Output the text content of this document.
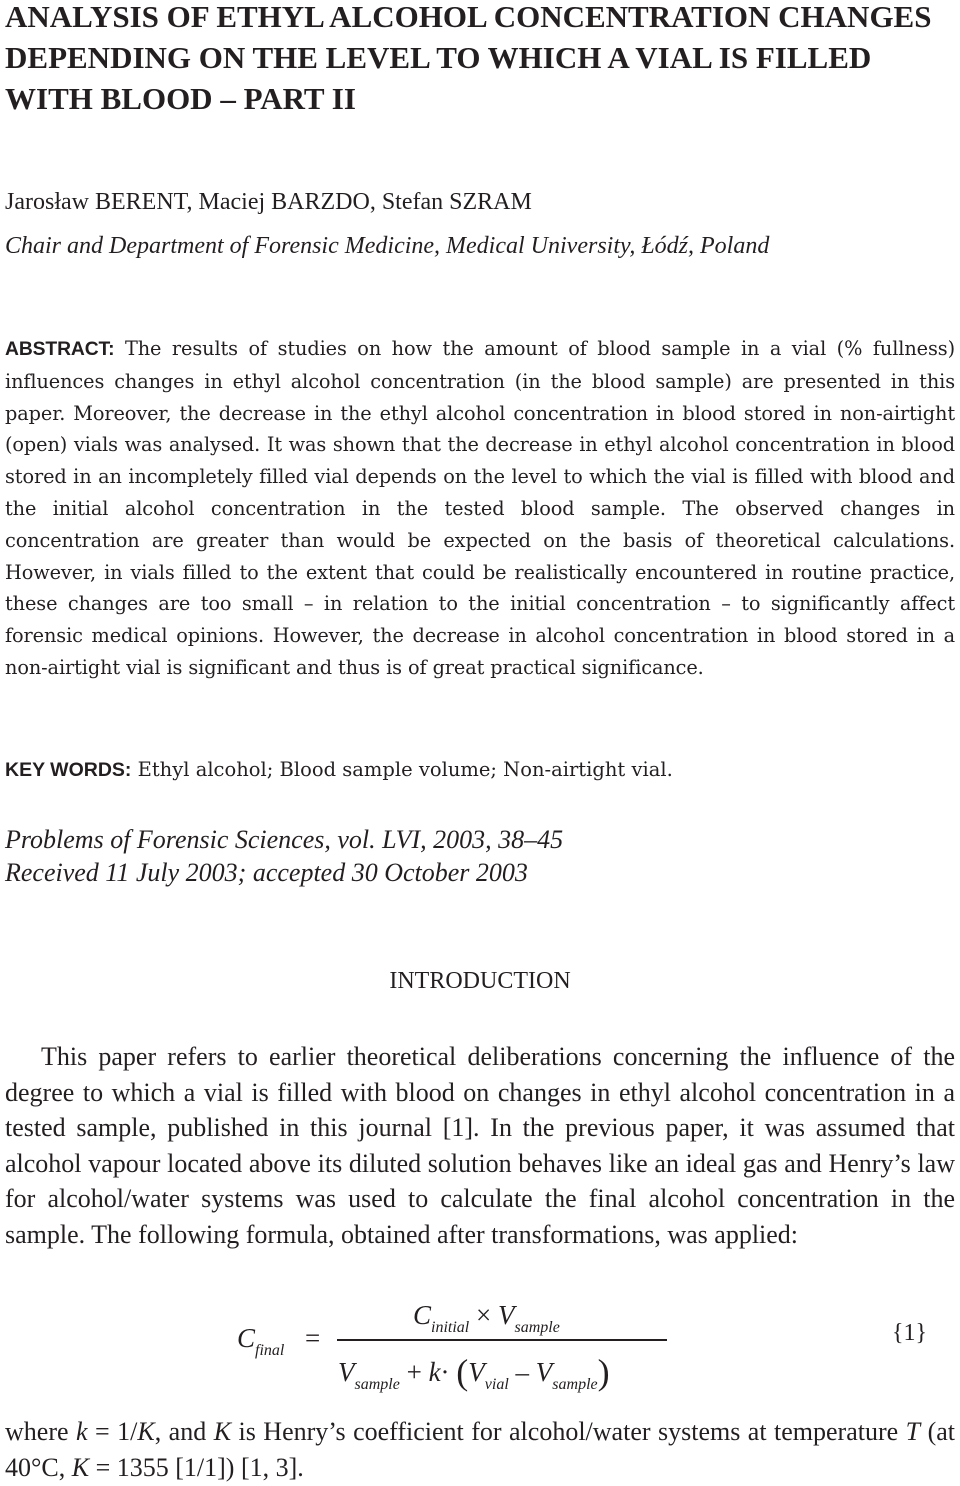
ANALYSIS OF ETHYL ALCOHOL CONCENTRATION CHANGES DEPENDING ON THE LEVEL TO WHICH A VIAL IS FILLED WITH BLOOD – PART II
Jarosław BERENT, Maciej BARZDO, Stefan SZRAM
Chair and Department of Forensic Medicine, Medical University, Łódź, Poland

ABSTRACT: The results of studies on how the amount of blood sample in a vial (% fullness) influences changes in ethyl alcohol concentration (in the blood sample) are presented in this paper. Moreover, the decrease in the ethyl alcohol concentration in blood stored in non-airtight (open) vials was analysed. It was shown that the decrease in ethyl alcohol concentration in blood stored in an incompletely filled vial depends on the level to which the vial is filled with blood and the initial alcohol concentration in the tested blood sample. The observed changes in concentration are greater than would be expected on the basis of theoretical calculations. However, in vials filled to the extent that could be realistically encountered in routine practice, these changes are too small – in relation to the initial concentration – to significantly affect forensic medical opinions. However, the decrease in alcohol concentration in blood stored in a non-airtight vial is significant and thus is of great practical significance.

KEY WORDS: Ethyl alcohol; Blood sample volume; Non-airtight vial.
Problems of Forensic Sciences, vol. LVI, 2003, 38–45
Received 11 July 2003; accepted 30 October 2003
INTRODUCTION

This paper refers to earlier theoretical deliberations concerning the influence of the degree to which a vial is filled with blood on changes in ethyl alcohol concentration in a tested sample, published in this journal [1]. In the previous paper, it was assumed that alcohol vapour located above its diluted solution behaves like an ideal gas and Henry’s law for alcohol/water systems was used to calculate the final alcohol concentration in the sample. The following formula, obtained after transformations, was applied:

$C_{final}$ =
$C_{initial} \times V_{sample}$
$V_{sample} + k\cdot (V_{vial} - V_{sample})$
{1}

where k = 1/K, and K is Henry’s coefficient for alcohol/water systems at temperature T (at 40°C, K = 1355 [1/1]) [1, 3].
